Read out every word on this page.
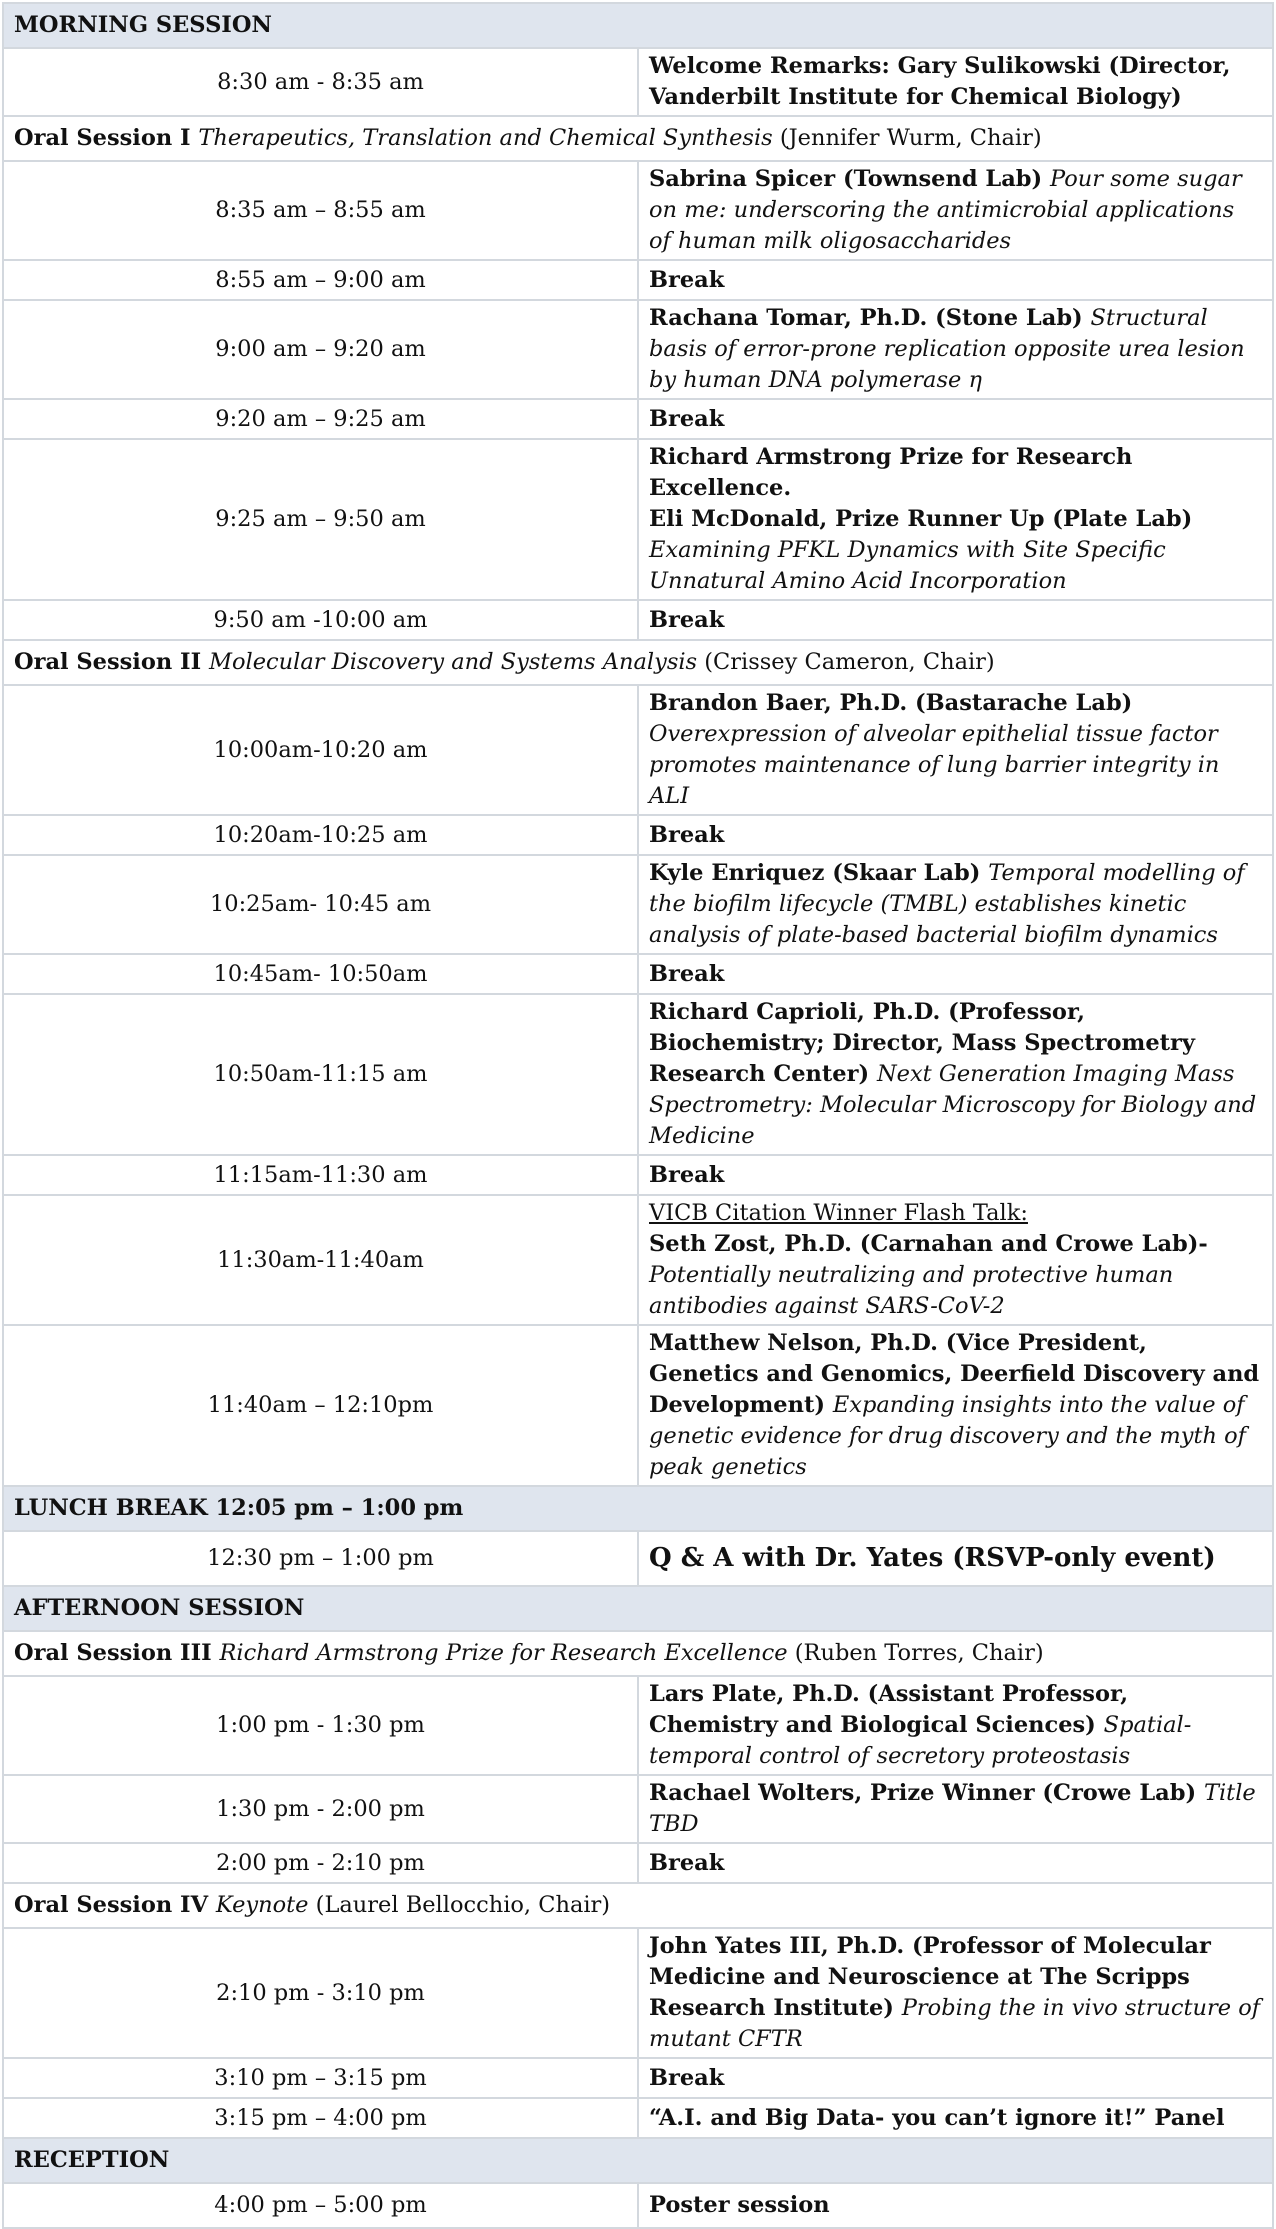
MORNING SESSION	
8:30 am - 8:35 am	Welcome Remarks: Gary Sulikowski (Director, Vanderbilt Institute for Chemical Biology)
Oral Session I Therapeutics, Translation and Chemical Synthesis (Jennifer Wurm, Chair)	
8:35 am – 8:55 am	Sabrina Spicer (Townsend Lab) Pour some sugar on me: underscoring the antimicrobial applications of human milk oligosaccharides
8:55 am – 9:00 am	Break
9:00 am – 9:20 am	Rachana Tomar, Ph.D. (Stone Lab) Structural basis of error-prone replication opposite urea lesion by human DNA polymerase η
9:20 am – 9:25 am	Break
9:25 am – 9:50 am	Richard Armstrong Prize for Research Excellence.
Eli McDonald, Prize Runner Up (Plate Lab) Examining PFKL Dynamics with Site Specific Unnatural Amino Acid Incorporation
9:50 am -10:00 am	Break
Oral Session II Molecular Discovery and Systems Analysis (Crissey Cameron, Chair)	
10:00am-10:20 am	Brandon Baer, Ph.D. (Bastarache Lab) Overexpression of alveolar epithelial tissue factor promotes maintenance of lung barrier integrity in ALI
10:20am-10:25 am	Break
10:25am- 10:45 am	Kyle Enriquez (Skaar Lab) Temporal modelling of the biofilm lifecycle (TMBL) establishes kinetic analysis of plate-based bacterial biofilm dynamics
10:45am- 10:50am	Break
10:50am-11:15 am	Richard Caprioli, Ph.D. (Professor, Biochemistry; Director, Mass Spectrometry Research Center) Next Generation Imaging Mass Spectrometry: Molecular Microscopy for Biology and Medicine
11:15am-11:30 am	Break
11:30am-11:40am	VICB Citation Winner Flash Talk:
Seth Zost, Ph.D. (Carnahan and Crowe Lab)- Potentially neutralizing and protective human antibodies against SARS-CoV-2
11:40am – 12:10pm	Matthew Nelson, Ph.D. (Vice President, Genetics and Genomics, Deerfield Discovery and Development) Expanding insights into the value of genetic evidence for drug discovery and the myth of peak genetics
LUNCH BREAK 12:05 pm – 1:00 pm	
12:30 pm – 1:00 pm	Q & A with Dr. Yates (RSVP-only event)
AFTERNOON SESSION	
Oral Session III Richard Armstrong Prize for Research Excellence (Ruben Torres, Chair)	
1:00 pm - 1:30 pm	Lars Plate, Ph.D. (Assistant Professor, Chemistry and Biological Sciences) Spatial-temporal control of secretory proteostasis
1:30 pm - 2:00 pm	Rachael Wolters, Prize Winner (Crowe Lab) Title TBD
2:00 pm - 2:10 pm	Break
Oral Session IV Keynote (Laurel Bellocchio, Chair)	
2:10 pm - 3:10 pm	John Yates III, Ph.D. (Professor of Molecular Medicine and Neuroscience at The Scripps Research Institute) Probing the in vivo structure of mutant CFTR
3:10 pm – 3:15 pm	Break
3:15 pm – 4:00 pm	“A.I. and Big Data- you can’t ignore it!” Panel
RECEPTION	
4:00 pm – 5:00 pm	Poster session
